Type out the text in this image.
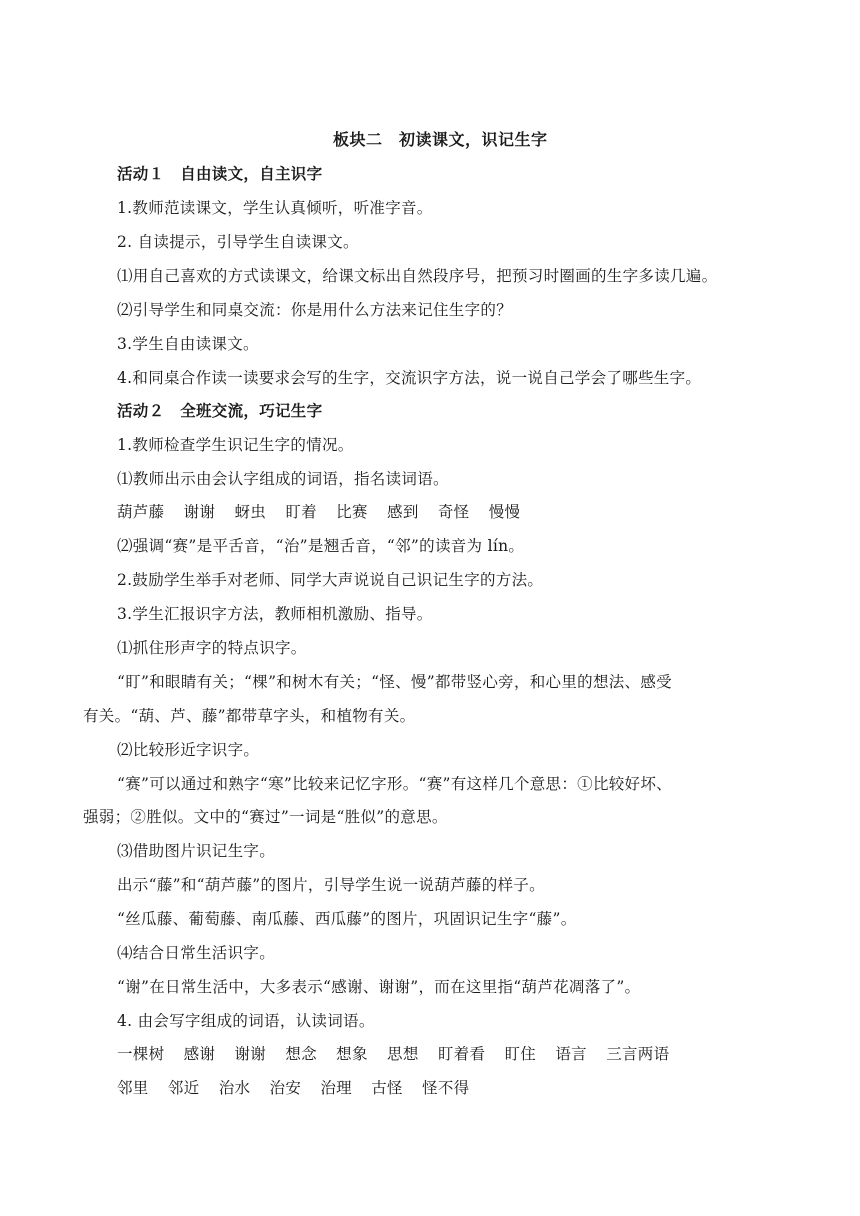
板块二　初读课文，识记生字
活动１　自由读文，自主识字
1.教师范读课文，学生认真倾听，听准字音。
2. 自读提示，引导学生自读课文。
⑴用自己喜欢的方式读课文，给课文标出自然段序号，把预习时圈画的生字多读几遍。
⑵引导学生和同桌交流：你是用什么方法来记住生字的？
3.学生自由读课文。
4.和同桌合作读一读要求会写的生字，交流识字方法，说一说自己学会了哪些生字。
活动２　全班交流，巧记生字
1.教师检查学生识记生字的情况。
⑴教师出示由会认字组成的词语，指名读词语。
葫芦藤 谢谢 蚜虫 盯着 比赛 感到 奇怪 慢慢
⑵强调“赛”是平舌音，“治”是翘舌音，“邻”的读音为 lín。
2.鼓励学生举手对老师、同学大声说说自己识记生字的方法。
3.学生汇报识字方法，教师相机激励、指导。
⑴抓住形声字的特点识字。
“盯”和眼睛有关；“棵”和树木有关；“怪、慢”都带竖心旁，和心里的想法、感受
有关。“葫、芦、藤”都带草字头，和植物有关。
⑵比较形近字识字。
“赛”可以通过和熟字“寒”比较来记忆字形。“赛”有这样几个意思：①比较好坏、
强弱；②胜似。文中的“赛过”一词是“胜似”的意思。
⑶借助图片识记生字。
出示“藤”和“葫芦藤”的图片，引导学生说一说葫芦藤的样子。
“丝瓜藤、葡萄藤、南瓜藤、西瓜藤”的图片，巩固识记生字“藤”。
⑷结合日常生活识字。
“谢”在日常生活中，大多表示“感谢、谢谢”，而在这里指“葫芦花凋落了”。
4. 由会写字组成的词语，认读词语。
一棵树 感谢 谢谢 想念 想象 思想 盯着看 盯住 语言 三言两语
邻里 邻近 治水 治安 治理 古怪 怪不得
